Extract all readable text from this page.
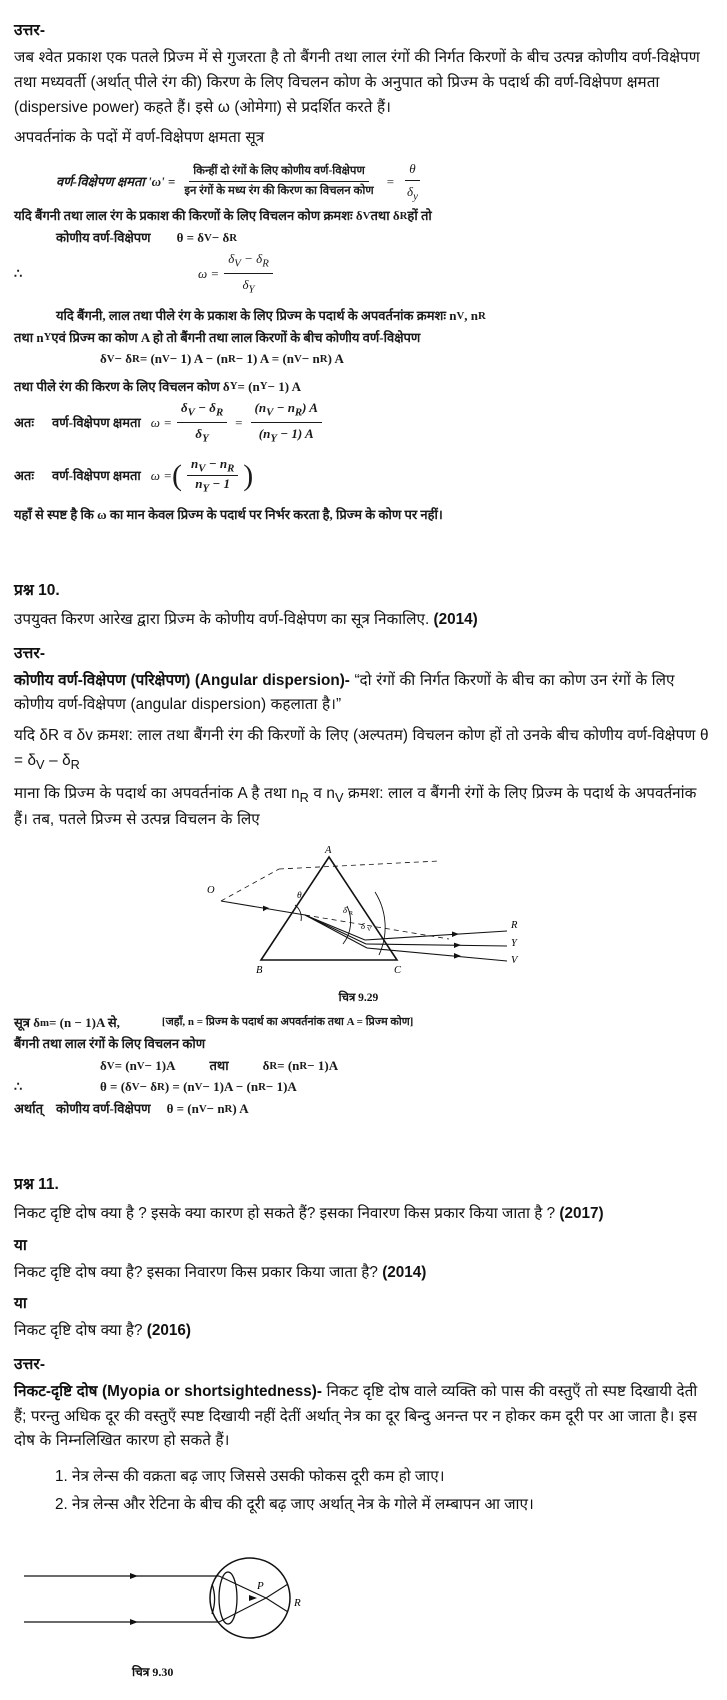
उत्तर-

जब श्वेत प्रकाश एक पतले प्रिज्म में से गुजरता है तो बैंगनी तथा लाल रंगों की निर्गत किरणों के बीच उत्पन्न कोणीय वर्ण-विक्षेपण तथा मध्यवर्ती (अर्थात् पीले रंग की) किरण के लिए विचलन कोण के अनुपात को प्रिज्म के पदार्थ की वर्ण-विक्षेपण क्षमता (dispersive power) कहते हैं। इसे ω (ओमेगा) से प्रदर्शित करते हैं।

अपवर्तनांक के पदों में वर्ण-विक्षेपण क्षमता सूत्र

वर्ण-विक्षेपण क्षमता '$\omega' = \frac{\text{किन्हीं दो रंगों के लिए कोणीय वर्ण-विक्षेपण}}{\text{इन रंगों के मध्य रंग की किरण का विचलन कोण}} = \frac{\theta}{\delta_y}$
यदि बैंगनी तथा लाल रंग के प्रकाश की किरणों के लिए विचलन कोण क्रमशः δ V तथा δ R हों तो
कोणीय वर्ण-विक्षेपण θ = δ V − δ R
∴	$\omega = \frac{\delta_V - \delta_R}{\delta_Y}$
यदि बैंगनी, लाल तथा पीले रंग के प्रकाश के लिए प्रिज्म के पदार्थ के अपवर्तनांक क्रमशः n V , n R
तथा n Y एवं प्रिज्म का कोण A हो तो बैंगनी तथा लाल किरणों के बीच कोणीय वर्ण-विक्षेपण
δ V − δ R = (n V − 1) A − (n R − 1) A = (n V − n R ) A
तथा पीले रंग की किरण के लिए विचलन कोण δ Y = (n Y − 1) A
अतः	वर्ण-विक्षेपण क्षमता $\omega = \frac{\delta_V - \delta_R}{\delta_Y} = \frac{(n_V - n_R) A}{(n_Y - 1) A}$
अतः	वर्ण-विक्षेपण क्षमता ω = ( $\frac{n_V - n_R}{n_Y - 1}$ )
यहाँ से स्पष्ट है कि ω का मान केवल प्रिज्म के पदार्थ पर निर्भर करता है, प्रिज्म के कोण पर नहीं।
प्रश्न 10.

उपयुक्त किरण आरेख द्वारा प्रिज्म के कोणीय वर्ण-विक्षेपण का सूत्र निकालिए. (2014)

उत्तर-

कोणीय वर्ण-विक्षेपण (परिक्षेपण) (Angular dispersion)- “दो रंगों की निर्गत किरणों के बीच का कोण उन रंगों के लिए कोणीय वर्ण-विक्षेपण (angular dispersion) कहलाता है।”

यदि δR व δv क्रमश: लाल तथा बैंगनी रंग की किरणों के लिए (अल्पतम) विचलन कोण हों तो उनके बीच कोणीय वर्ण-विक्षेपण $\theta = \delta_V - \delta_R$

माना कि प्रिज्म के पदार्थ का अपवर्तनांक A है तथा $n_R$ व $n_V$ क्रमश: लाल व बैंगनी रंगों के लिए प्रिज्म के पदार्थ के अपवर्तनांक हैं। तब, पतले प्रिज्म से उत्पन्न विचलन के लिए

O
A
B	C
R
Y
V
θ
δ R
δ V
चित्र 9.29
सूत्र δ m = (n − 1)A से,	[जहाँ, n = प्रिज्म के पदार्थ का अपवर्तनांक तथा A = प्रिज्म कोण]
बैंगनी तथा लाल रंगों के लिए विचलन कोण
δ V = (n V − 1)A	तथा	δ R = (n R − 1)A
∴	θ = (δ V − δ R ) = (n V − 1)A − (n R − 1)A
अर्थात् कोणीय वर्ण-विक्षेपण θ = (n V − n R ) A
प्रश्न 11.

निकट दृष्टि दोष क्या है ? इसके क्या कारण हो सकते हैं? इसका निवारण किस प्रकार किया जाता है ? (2017)

या

निकट दृष्टि दोष क्या है? इसका निवारण किस प्रकार किया जाता है? (2014)

या

निकट दृष्टि दोष क्या है? (2016)

उत्तर-

निकट-दृष्टि दोष (Myopia or shortsightedness)- निकट दृष्टि दोष वाले व्यक्ति को पास की वस्तुएँ तो स्पष्ट दिखायी देती हैं; परन्तु अधिक दूर की वस्तुएँ स्पष्ट दिखायी नहीं देतीं अर्थात् नेत्र का दूर बिन्दु अनन्त पर न होकर कम दूरी पर आ जाता है। इस दोष के निम्नलिखित कारण हो सकते हैं।

1. नेत्र लेन्स की वक्रता बढ़ जाए जिससे उसकी फोकस दूरी कम हो जाए।
2. नेत्र लेन्स और रेटिना के बीच की दूरी बढ़ जाए अर्थात् नेत्र के गोले में लम्बापन आ जाए।
P
R
चित्र 9.30
